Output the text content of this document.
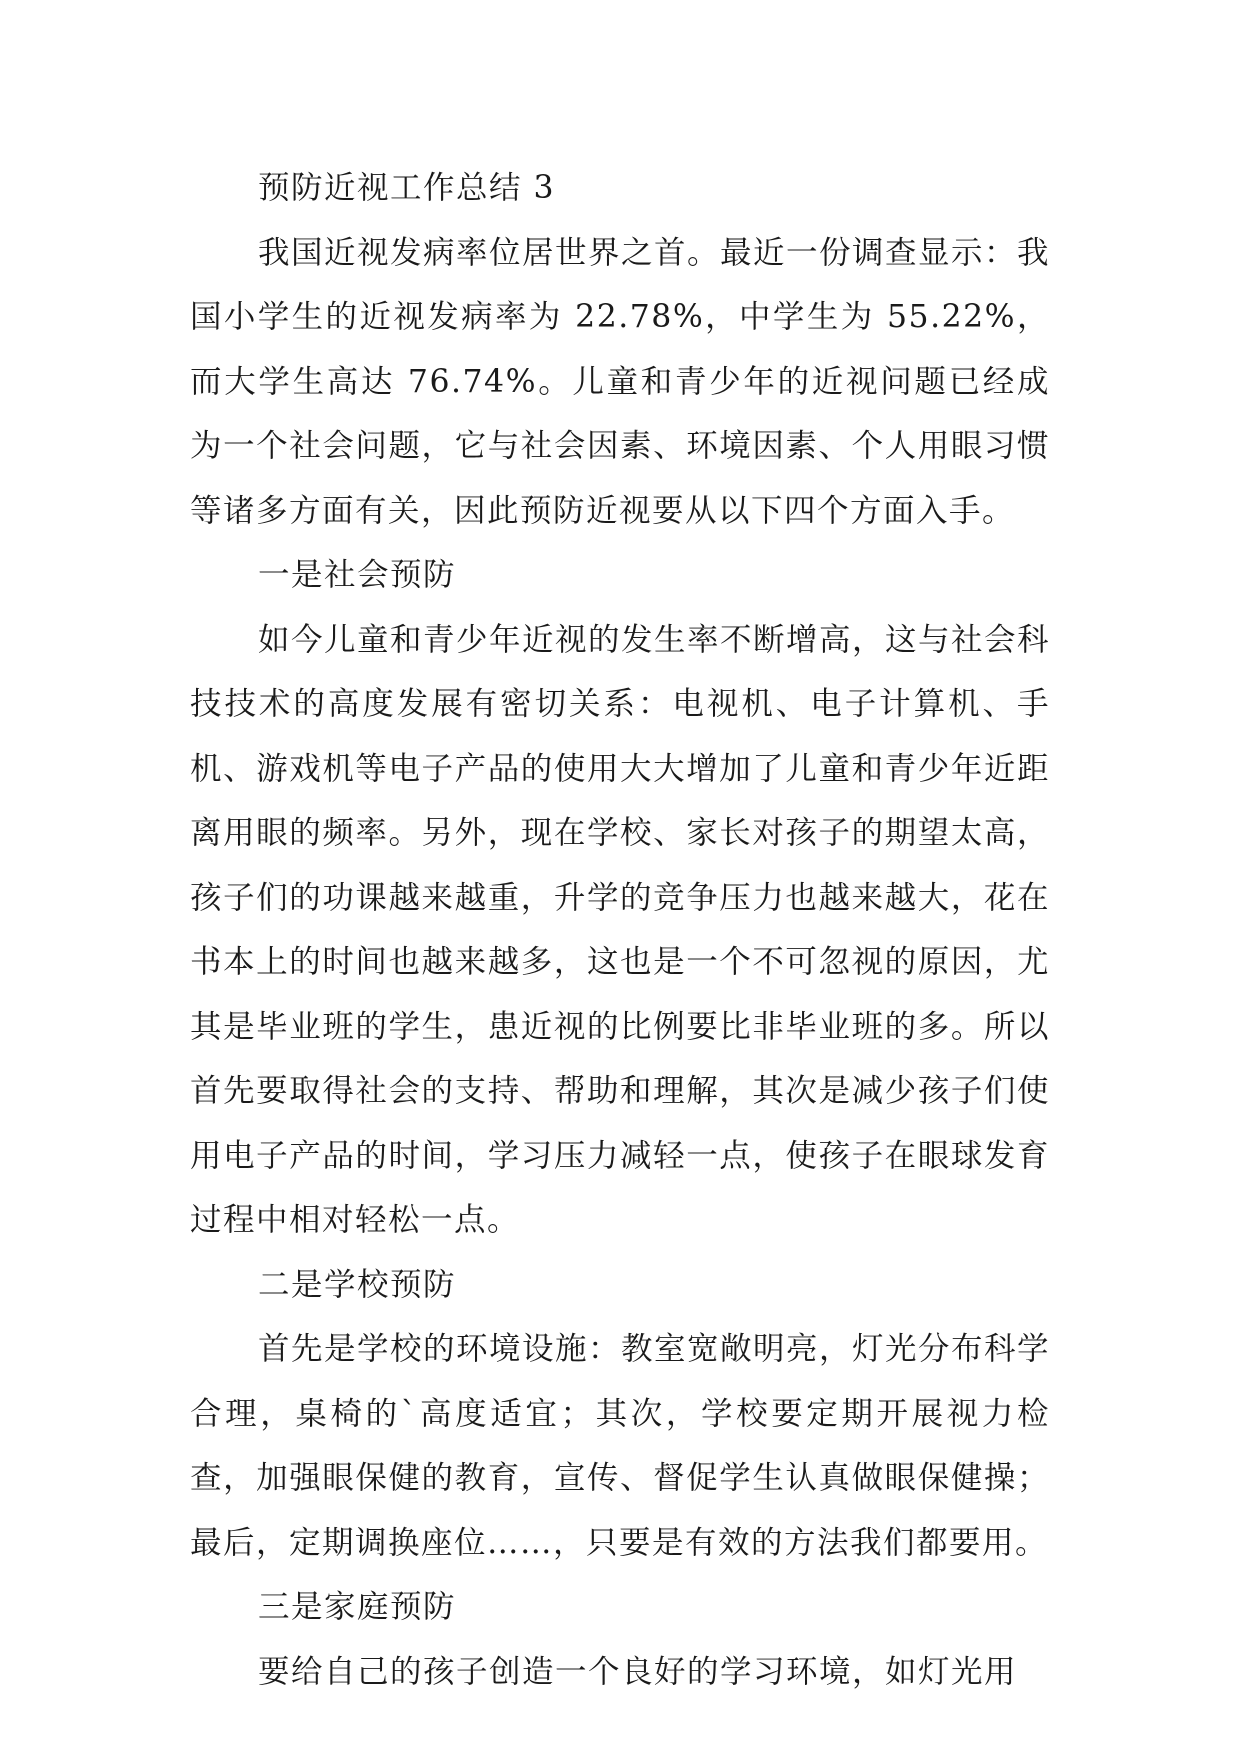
预防近视工作总结 3

我国近视发病率位居世界之首。最近一份调查显示：我国小学生的近视发病率为 22.78%，中学生为 55.22%，而大学生高达 76.74%。儿童和青少年的近视问题已经成为一个社会问题，它与社会因素、环境因素、个人用眼习惯等诸多方面有关，因此预防近视要从以下四个方面入手。

一是社会预防

如今儿童和青少年近视的发生率不断增高，这与社会科技技术的高度发展有密切关系：电视机、电子计算机、手机、游戏机等电子产品的使用大大增加了儿童和青少年近距离用眼的频率。另外，现在学校、家长对孩子的期望太高，孩子们的功课越来越重，升学的竞争压力也越来越大，花在书本上的时间也越来越多，这也是一个不可忽视的原因，尤其是毕业班的学生，患近视的比例要比非毕业班的多。所以首先要取得社会的支持、帮助和理解，其次是减少孩子们使用电子产品的时间，学习压力减轻一点，使孩子在眼球发育过程中相对轻松一点。

二是学校预防

首先是学校的环境设施：教室宽敞明亮，灯光分布科学合理，桌椅的`高度适宜；其次，学校要定期开展视力检查，加强眼保健的教育，宣传、督促学生认真做眼保健操；最后，定期调换座位……，只要是有效的方法我们都要用。

三是家庭预防

要给自己的孩子创造一个良好的学习环境，如灯光用
